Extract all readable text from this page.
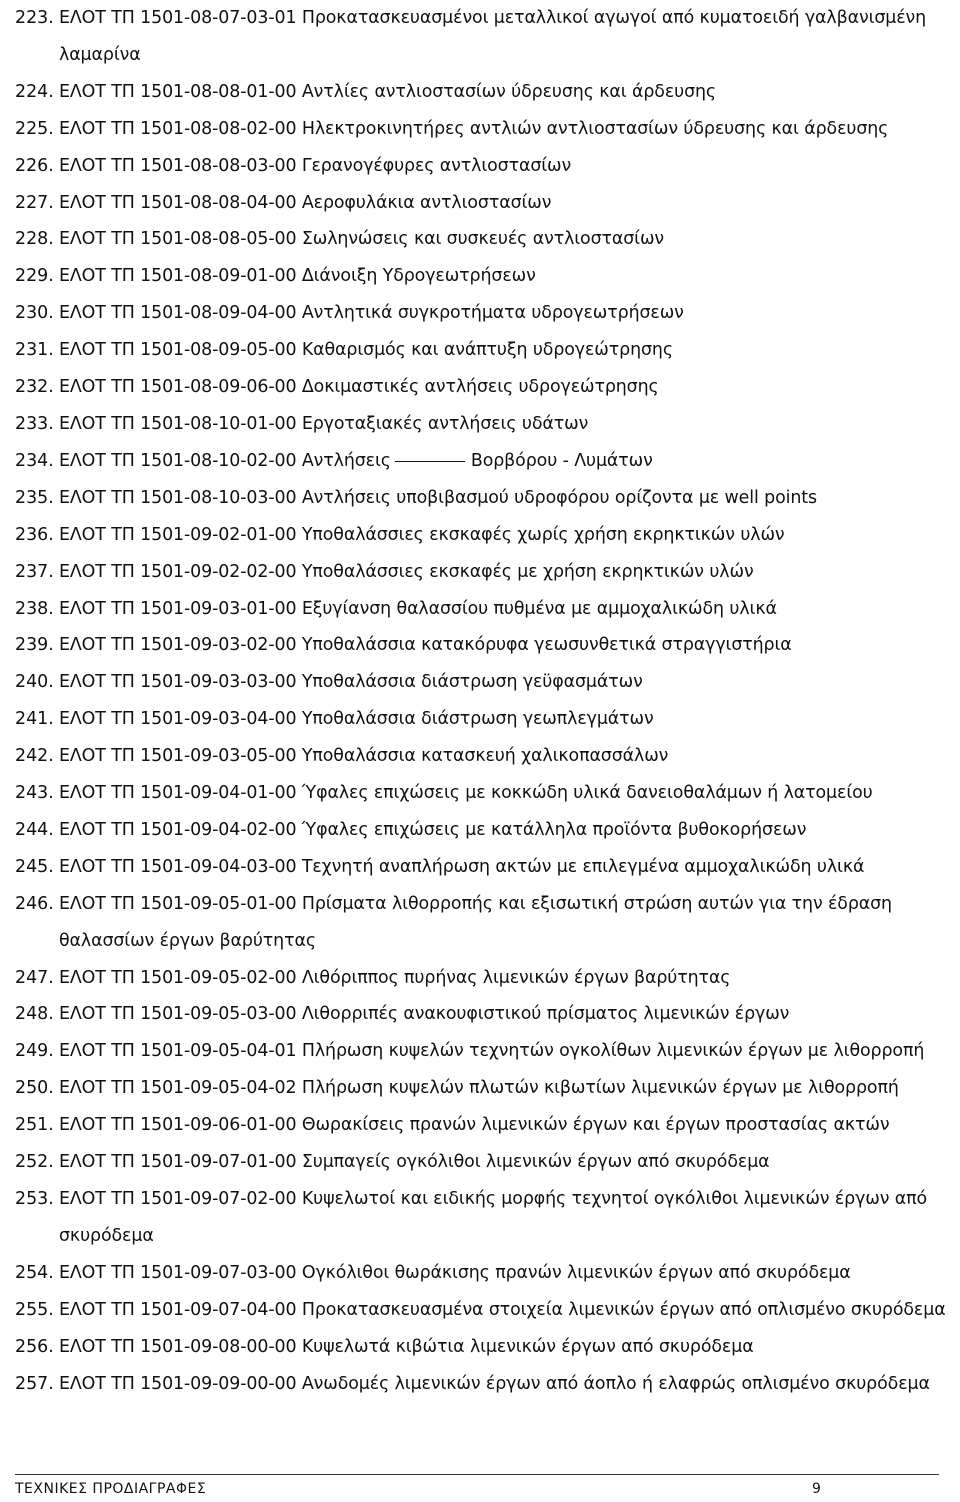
223. ΕΛΟΤ ΤΠ 1501-08-07-03-01 Προκατασκευασμένοι μεταλλικοί αγωγοί από κυματοειδή γαλβανισμένη λαμαρίνα
224. ΕΛΟΤ ΤΠ 1501-08-08-01-00 Αντλίες αντλιοστασίων ύδρευσης και άρδευσης
225. ΕΛΟΤ ΤΠ 1501-08-08-02-00 Ηλεκτροκινητήρες αντλιών αντλιοστασίων ύδρευσης και άρδευσης
226. ΕΛΟΤ ΤΠ 1501-08-08-03-00 Γερανογέφυρες αντλιοστασίων
227. ΕΛΟΤ ΤΠ 1501-08-08-04-00 Αεροφυλάκια αντλιοστασίων
228. ΕΛΟΤ ΤΠ 1501-08-08-05-00 Σωληνώσεις και συσκευές αντλιοστασίων
229. ΕΛΟΤ ΤΠ 1501-08-09-01-00 Διάνοιξη Υδρογεωτρήσεων
230. ΕΛΟΤ ΤΠ 1501-08-09-04-00 Αντλητικά συγκροτήματα υδρογεωτρήσεων
231. ΕΛΟΤ ΤΠ 1501-08-09-05-00 Καθαρισμός και ανάπτυξη υδρογεώτρησης
232. ΕΛΟΤ ΤΠ 1501-08-09-06-00 Δοκιμαστικές αντλήσεις υδρογεώτρησης
233. ΕΛΟΤ ΤΠ 1501-08-10-01-00 Εργοταξιακές αντλήσεις υδάτων
234. ΕΛΟΤ ΤΠ 1501-08-10-02-00 Αντλήσεις	Βορβόρου - Λυμάτων
235. ΕΛΟΤ ΤΠ 1501-08-10-03-00 Αντλήσεις υποβιβασμού υδροφόρου ορίζοντα με well points
236. ΕΛΟΤ ΤΠ 1501-09-02-01-00 Υποθαλάσσιες εκσκαφές χωρίς χρήση εκρηκτικών υλών
237. ΕΛΟΤ ΤΠ 1501-09-02-02-00 Υποθαλάσσιες εκσκαφές με χρήση εκρηκτικών υλών
238. ΕΛΟΤ ΤΠ 1501-09-03-01-00 Εξυγίανση θαλασσίου πυθμένα με αμμοχαλικώδη υλικά
239. ΕΛΟΤ ΤΠ 1501-09-03-02-00 Υποθαλάσσια κατακόρυφα γεωσυνθετικά στραγγιστήρια
240. ΕΛΟΤ ΤΠ 1501-09-03-03-00 Υποθαλάσσια διάστρωση γεϋφασμάτων
241. ΕΛΟΤ ΤΠ 1501-09-03-04-00 Υποθαλάσσια διάστρωση γεωπλεγμάτων
242. ΕΛΟΤ ΤΠ 1501-09-03-05-00 Υποθαλάσσια κατασκευή χαλικοπασσάλων
243. ΕΛΟΤ ΤΠ 1501-09-04-01-00 Ύφαλες επιχώσεις με κοκκώδη υλικά δανειοθαλάμων ή λατομείου
244. ΕΛΟΤ ΤΠ 1501-09-04-02-00 Ύφαλες επιχώσεις με κατάλληλα προϊόντα βυθοκορήσεων
245. ΕΛΟΤ ΤΠ 1501-09-04-03-00 Τεχνητή αναπλήρωση ακτών με επιλεγμένα αμμοχαλικώδη υλικά
246. ΕΛΟΤ ΤΠ 1501-09-05-01-00 Πρίσματα λιθορροπής και εξισωτική στρώση αυτών για την έδραση θαλασσίων έργων βαρύτητας
247. ΕΛΟΤ ΤΠ 1501-09-05-02-00 Λιθόριππος πυρήνας λιμενικών έργων βαρύτητας
248. ΕΛΟΤ ΤΠ 1501-09-05-03-00 Λιθορριπές ανακουφιστικού πρίσματος λιμενικών έργων
249. ΕΛΟΤ ΤΠ 1501-09-05-04-01 Πλήρωση κυψελών τεχνητών ογκολίθων λιμενικών έργων με λιθορροπή
250. ΕΛΟΤ ΤΠ 1501-09-05-04-02 Πλήρωση κυψελών πλωτών κιβωτίων λιμενικών έργων με λιθορροπή
251. ΕΛΟΤ ΤΠ 1501-09-06-01-00 Θωρακίσεις πρανών λιμενικών έργων και έργων προστασίας ακτών
252. ΕΛΟΤ ΤΠ 1501-09-07-01-00 Συμπαγείς ογκόλιθοι λιμενικών έργων από σκυρόδεμα
253. ΕΛΟΤ ΤΠ 1501-09-07-02-00 Κυψελωτοί και ειδικής μορφής τεχνητοί ογκόλιθοι λιμενικών έργων από σκυρόδεμα
254. ΕΛΟΤ ΤΠ 1501-09-07-03-00 Ογκόλιθοι θωράκισης πρανών λιμενικών έργων από σκυρόδεμα
255. ΕΛΟΤ ΤΠ 1501-09-07-04-00 Προκατασκευασμένα στοιχεία λιμενικών έργων από οπλισμένο σκυρόδεμα
256. ΕΛΟΤ ΤΠ 1501-09-08-00-00 Κυψελωτά κιβώτια λιμενικών έργων από σκυρόδεμα
257. ΕΛΟΤ ΤΠ 1501-09-09-00-00 Ανωδομές λιμενικών έργων από άοπλο ή ελαφρώς οπλισμένο σκυρόδεμα
ΤΕΧΝΙΚΕΣ ΠΡΟΔΙΑΓΡΑΦΕΣ	9
